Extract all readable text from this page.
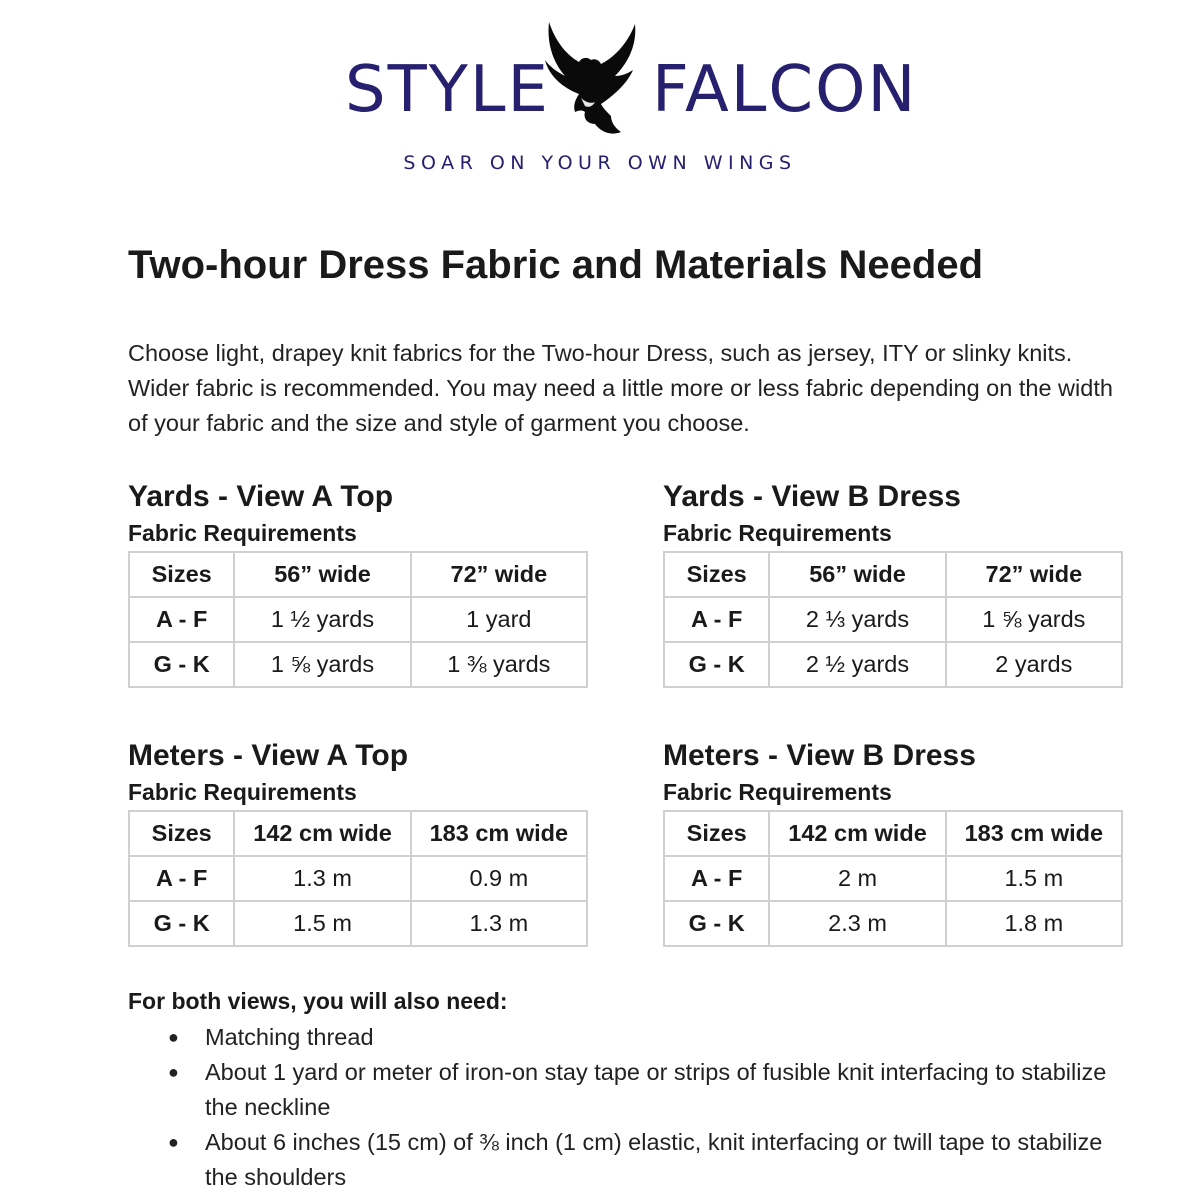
STYLE FALCON
SOAR ON YOUR OWN WINGS
Two-hour Dress Fabric and Materials Needed

Choose light, drapey knit fabrics for the Two-hour Dress, such as jersey, ITY or slinky knits. Wider fabric is recommended. You may need a little more or less fabric depending on the width of your fabric and the size and style of garment you choose.

Yards - View A Top
Fabric Requirements
Sizes	56” wide	72” wide
A - F	1 ½ yards	1 yard
G - K	1 ⅝ yards	1 ⅜ yards
Yards - View B Dress
Fabric Requirements
Sizes	56” wide	72” wide
A - F	2 ⅓ yards	1 ⅝ yards
G - K	2 ½ yards	2 yards
Meters - View A Top
Fabric Requirements
Sizes	142 cm wide	183 cm wide
A - F	1.3 m	0.9 m
G - K	1.5 m	1.3 m
Meters - View B Dress
Fabric Requirements
Sizes	142 cm wide	183 cm wide
A - F	2 m	1.5 m
G - K	2.3 m	1.8 m
For both views, you will also need:
● Matching thread
● About 1 yard or meter of iron-on stay tape or strips of fusible knit interfacing to stabilize the neckline
● About 6 inches (15 cm) of ⅜ inch (1 cm) elastic, knit interfacing or twill tape to stabilize the shoulders
